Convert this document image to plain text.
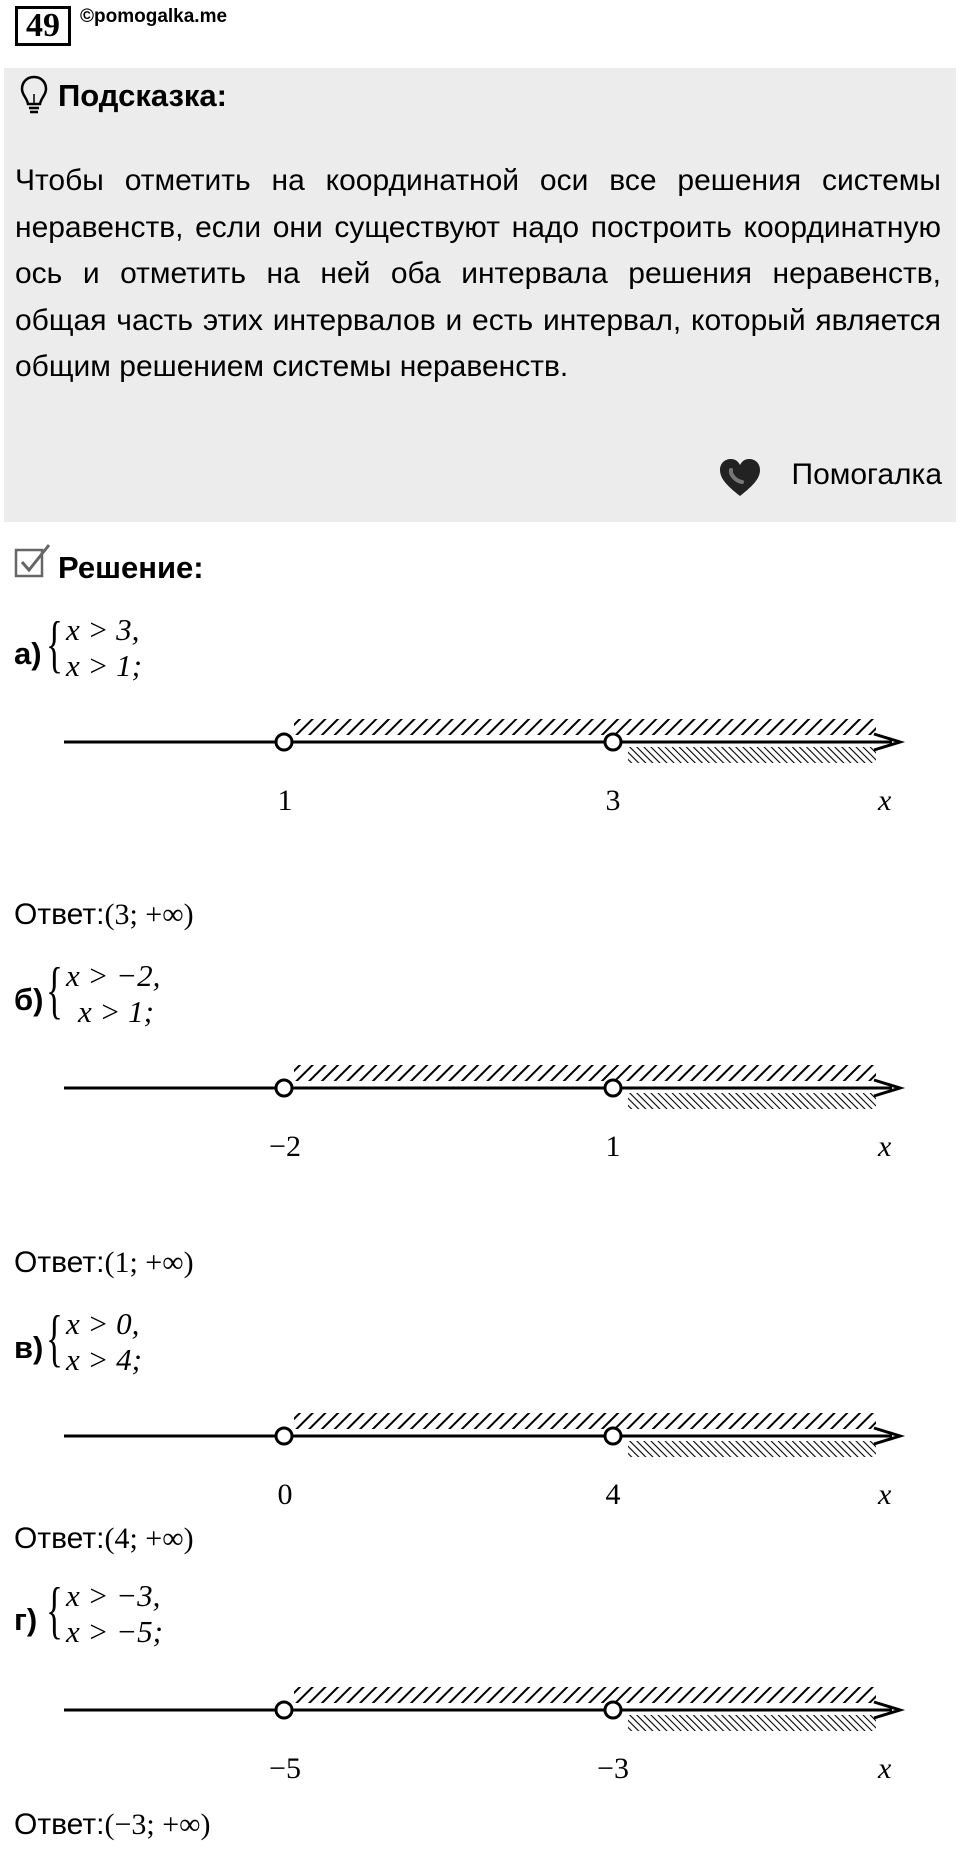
49	©pomogalka.me
Подсказка:
Чтобы отметить на координатной оси все решения системы неравенств, если они существуют надо построить координатную ось и отметить на ней оба интервала решения неравенств, общая часть этих интервалов и есть интервал, который является общим решением системы неравенств.
Помогалка
Решение:
а) { x > 3,
x > 1;
1	3	x
Ответ:(3; +∞)
б) { x > −2,
x > 1;
−2	1	x
Ответ:(1; +∞)
в) { x > 0,
x > 4;
0	4	x
Ответ:(4; +∞)
г) { x > −3,
x > −5;
−5	−3	x
Ответ:(−3; +∞)
